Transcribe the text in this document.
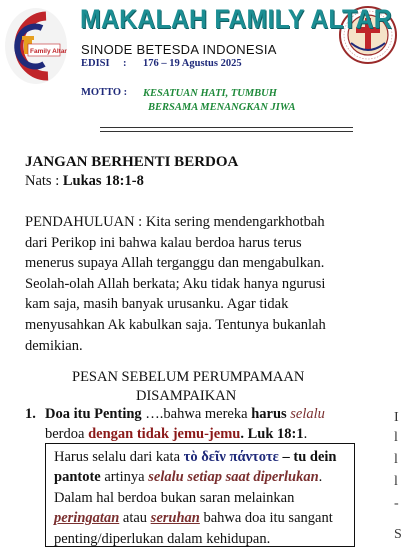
Family Altar
MAKALAH FAMILY ALTAR
SINODE BETESDA INDONESIA
EDISI : 176 – 19 Agustus 2025
MOTTO : KESATUAN HATI, TUMBUH
BERSAMA MENANGKAN JIWA
JANGAN BERHENTI BERDOA
Nats : Lukas 18:1-8
PENDAHULUAN : Kita sering mendengarkhotbah
dari Perikop ini bahwa kalau berdoa harus terus
menerus supaya Allah terganggu dan mengabulkan.
Seolah-olah Allah berkata; Aku tidak hanya ngurusi
kam saja, masih banyak urusanku. Agar tidak
menyusahkan Ak kabulkan saja. Tentunya bukanlah
demikian.
PESAN SEBELUM PERUMPAMAAN
DISAMPAIKAN
1. Doa itu Penting ….bahwa mereka harus selalu
berdoa dengan tidak jemu-jemu. Luk 18:1.
Harus selalu dari kata τὸ δεῖν πάντοτε – tu dein
pantote artinya selalu setiap saat diperlukan.
Dalam hal berdoa bukan saran melainkan
peringatan atau seruhan bahwa doa itu sangant
penting/diperlukan dalam kehidupan.
I
l
l
l
-
S
